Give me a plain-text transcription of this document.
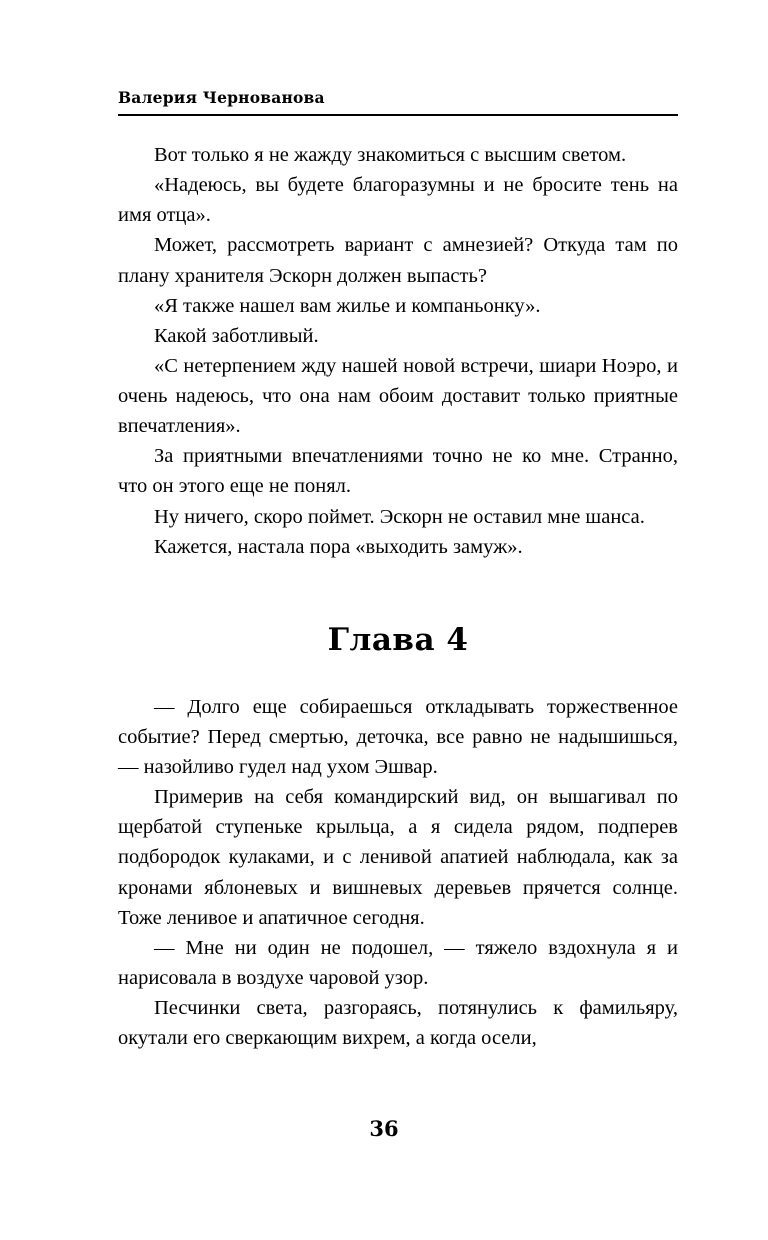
Валерия Чернованова

Вот только я не жажду знакомиться с высшим светом.

«Надеюсь, вы будете благоразумны и не бросите тень на имя отца».

Может, рассмотреть вариант с амнезией? Откуда там по плану хранителя Эскорн должен выпасть?

«Я также нашел вам жилье и компаньонку».

Какой заботливый.

«С нетерпением жду нашей новой встречи, шиари Ноэро, и очень надеюсь, что она нам обоим доставит только приятные впечатления».

За приятными впечатлениями точно не ко мне. Странно, что он этого еще не понял.

Ну ничего, скоро поймет. Эскорн не оставил мне шанса.

Кажется, настала пора «выходить замуж».

Глава 4

— Долго еще собираешься откладывать торжественное событие? Перед смертью, деточка, все равно не надышишься, — назойливо гудел над ухом Эшвар.

Примерив на себя командирский вид, он вышагивал по щербатой ступеньке крыльца, а я сидела рядом, подперев подбородок кулаками, и с ленивой апатией наблюдала, как за кронами яблоневых и вишневых деревьев прячется солнце. Тоже ленивое и апатичное сегодня.

— Мне ни один не подошел, — тяжело вздохнула я и нарисовала в воздухе чаровой узор.

Песчинки света, разгораясь, потянулись к фамильяру, окутали его сверкающим вихрем, а когда осели,

36
